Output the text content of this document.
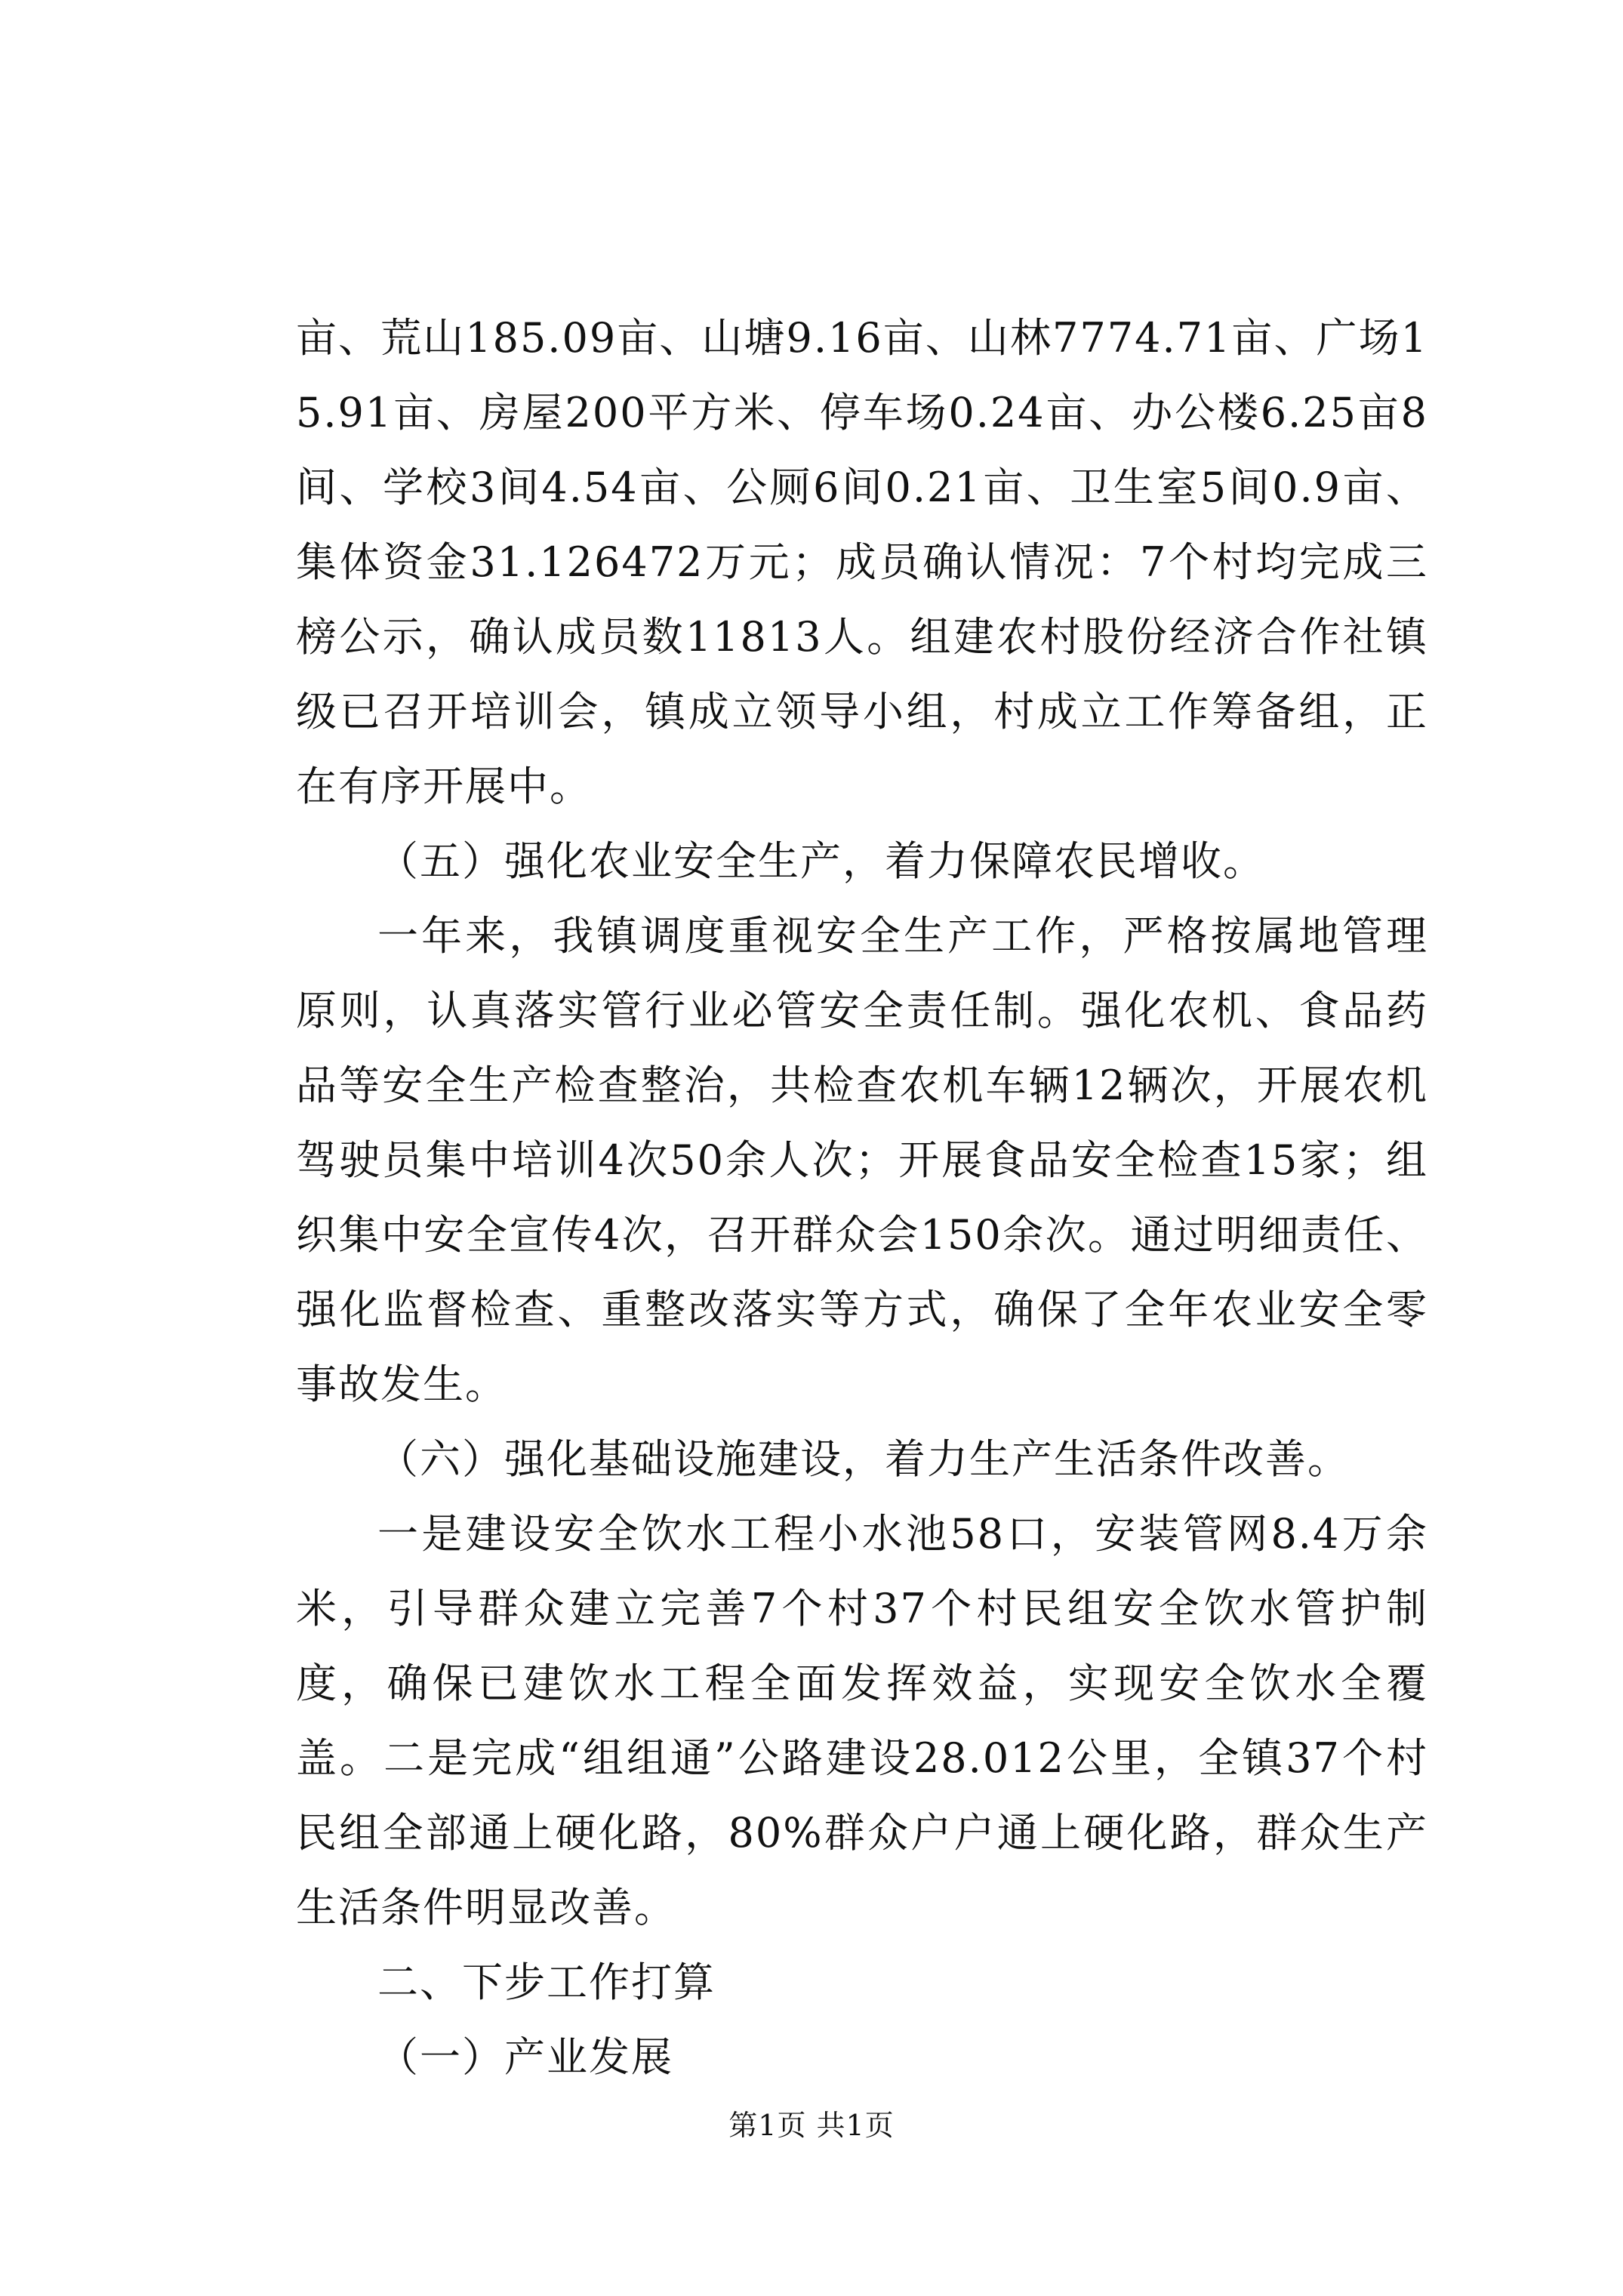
亩、荒山185.09亩、山塘9.16亩、山林7774.71亩、广场15.91亩、房屋200平方米、停车场0.24亩、办公楼6.25亩8间、学校3间4.54亩、公厕6间0.21亩、卫生室5间0.9亩、集体资金31.126472万元；成员确认情况：7个村均完成三榜公示，确认成员数11813人。组建农村股份经济合作社镇级已召开培训会，镇成立领导小组，村成立工作筹备组，正在有序开展中。

（五）强化农业安全生产，着力保障农民增收。

一年来，我镇调度重视安全生产工作，严格按属地管理原则，认真落实管行业必管安全责任制。强化农机、食品药品等安全生产检查整治，共检查农机车辆12辆次，开展农机驾驶员集中培训4次50余人次；开展食品安全检查15家；组织集中安全宣传4次，召开群众会150余次。通过明细责任、强化监督检查、重整改落实等方式，确保了全年农业安全零事故发生。

（六）强化基础设施建设，着力生产生活条件改善。

一是建设安全饮水工程小水池58口，安装管网8.4万余米，引导群众建立完善7个村37个村民组安全饮水管护制度，确保已建饮水工程全面发挥效益，实现安全饮水全覆盖。二是完成“组组通”公路建设28.012公里，全镇37个村民组全部通上硬化路，80%群众户户通上硬化路，群众生产生活条件明显改善。

二、下步工作打算

（一）产业发展

第1页 共1页
